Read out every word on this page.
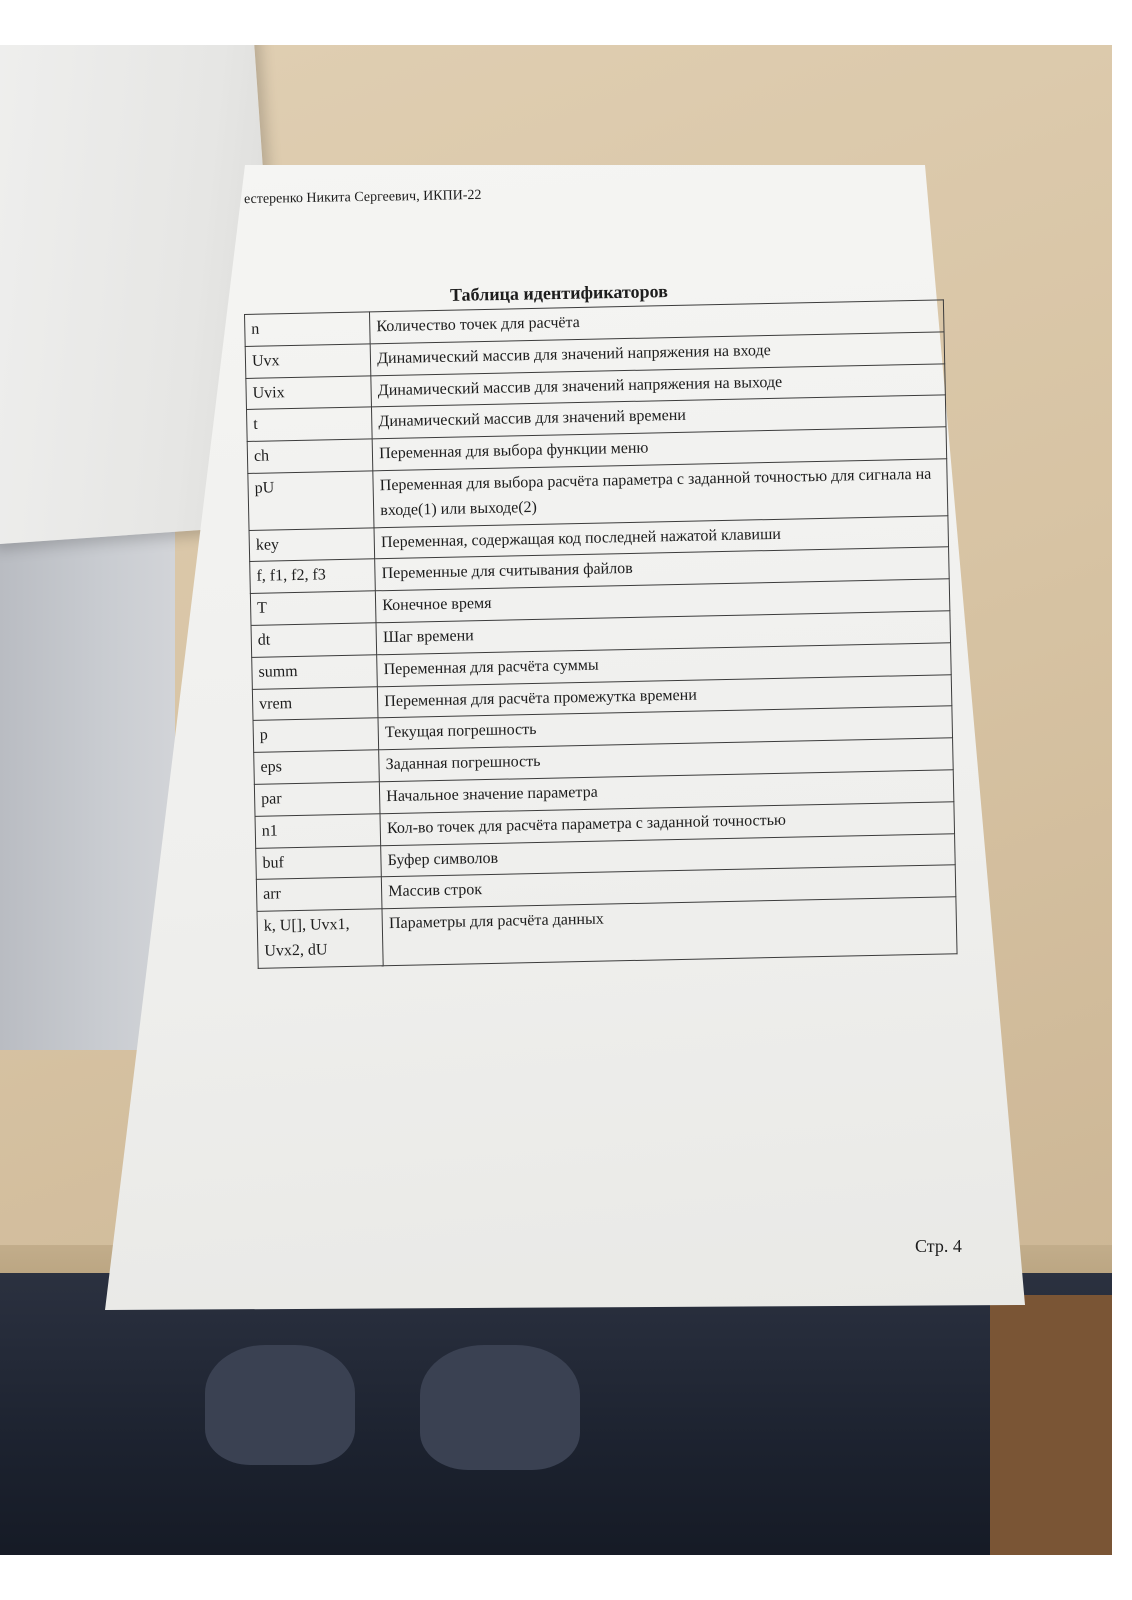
естеренко Никита Сергеевич, ИКПИ-22
Таблица идентификаторов
n	Количество точек для расчёта
Uvx	Динамический массив для значений напряжения на входе
Uvix	Динамический массив для значений напряжения на выходе
t	Динамический массив для значений времени
ch	Переменная для выбора функции меню
pU	Переменная для выбора расчёта параметра с заданной точностью для сигнала на входе(1) или выходе(2)
key	Переменная, содержащая код последней нажатой клавиши
f, f1, f2, f3	Переменные для считывания файлов
T	Конечное время
dt	Шаг времени
summ	Переменная для расчёта суммы
vrem	Переменная для расчёта промежутка времени
p	Текущая погрешность
eps	Заданная погрешность
par	Начальное значение параметра
n1	Кол-во точек для расчёта параметра с заданной точностью
buf	Буфер символов
arr	Массив строк
k, U[], Uvx1, Uvx2, dU	Параметры для расчёта данных
Стр. 4
